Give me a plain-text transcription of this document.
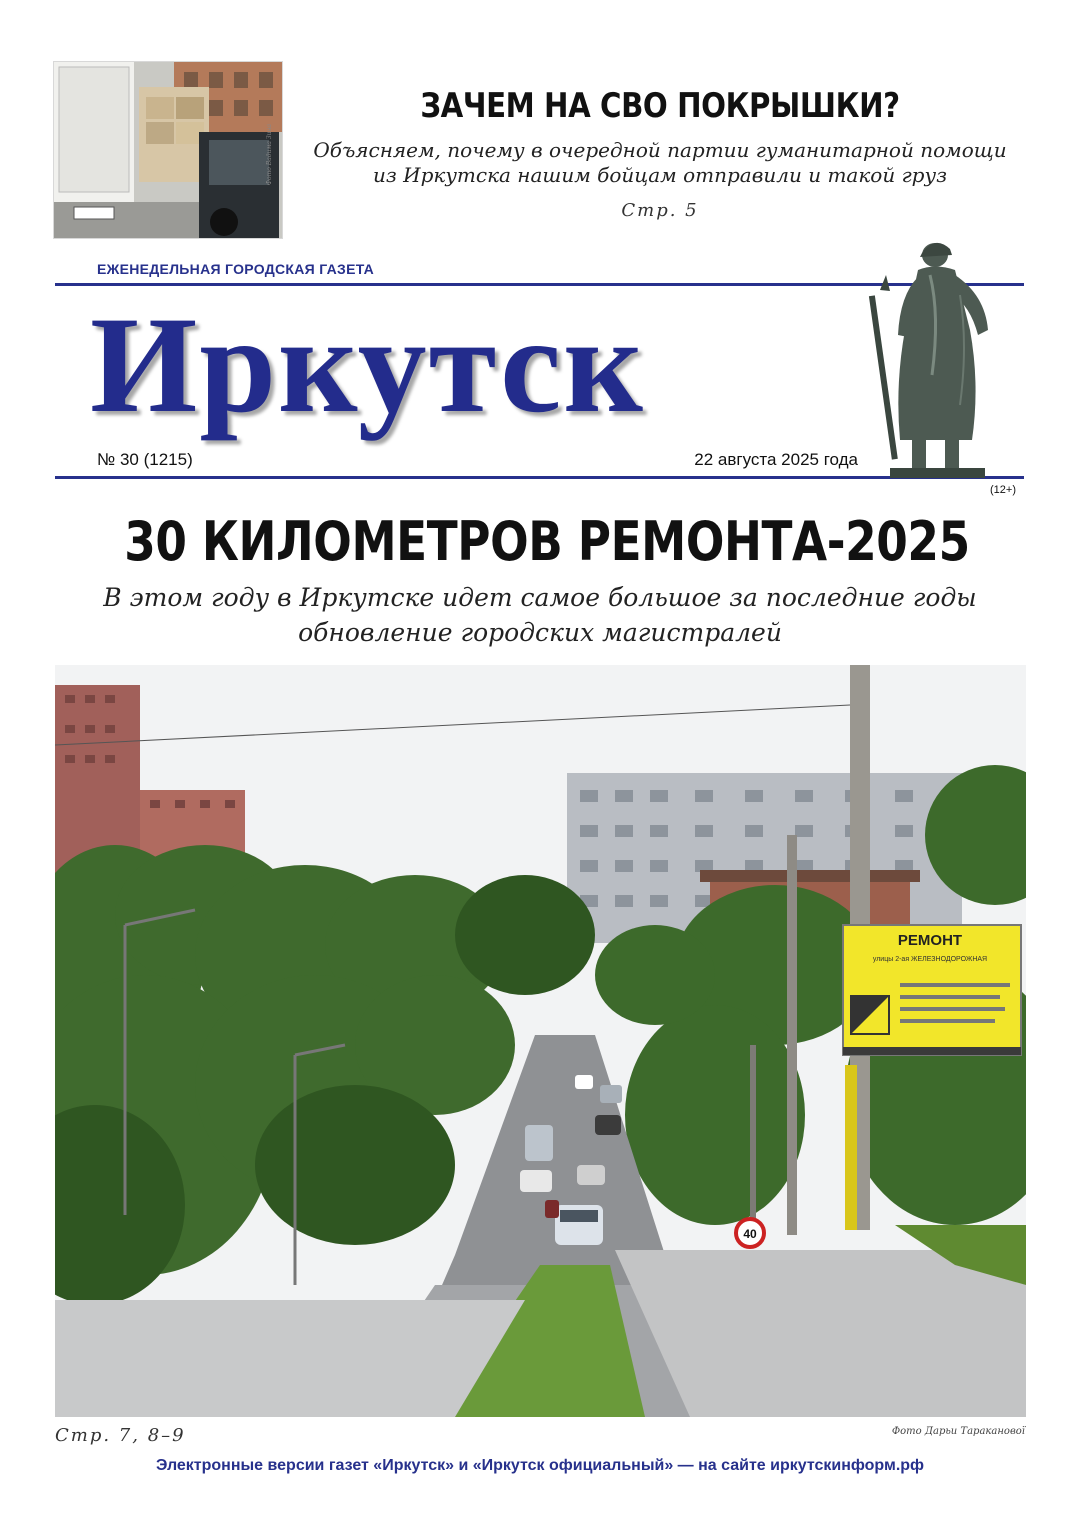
Фото Вадима Зина
ЗАЧЕМ НА СВО ПОКРЫШКИ?
Объясняем, почему в очередной партии гуманитарной помощи из Иркутска нашим бойцам отправили и такой груз
Стр. 5
ЕЖЕНЕДЕЛЬНАЯ ГОРОДСКАЯ ГАЗЕТА
Иркутск
№ 30 (1215)	22 августа 2025 года
(12+)
30 КИЛОМЕТРОВ РЕМОНТА-2025
В этом году в Иркутске идет самое большое за последние годы обновление городских магистралей
РЕМОНТ
улицы 2-ая ЖЕЛЕЗНОДОРОЖНАЯ
40
Стр. 7, 8–9	Фото Дарьи Тараканової
Электронные версии газет «Иркутск» и «Иркутск официальный» — на сайте иркутскинформ.рф
